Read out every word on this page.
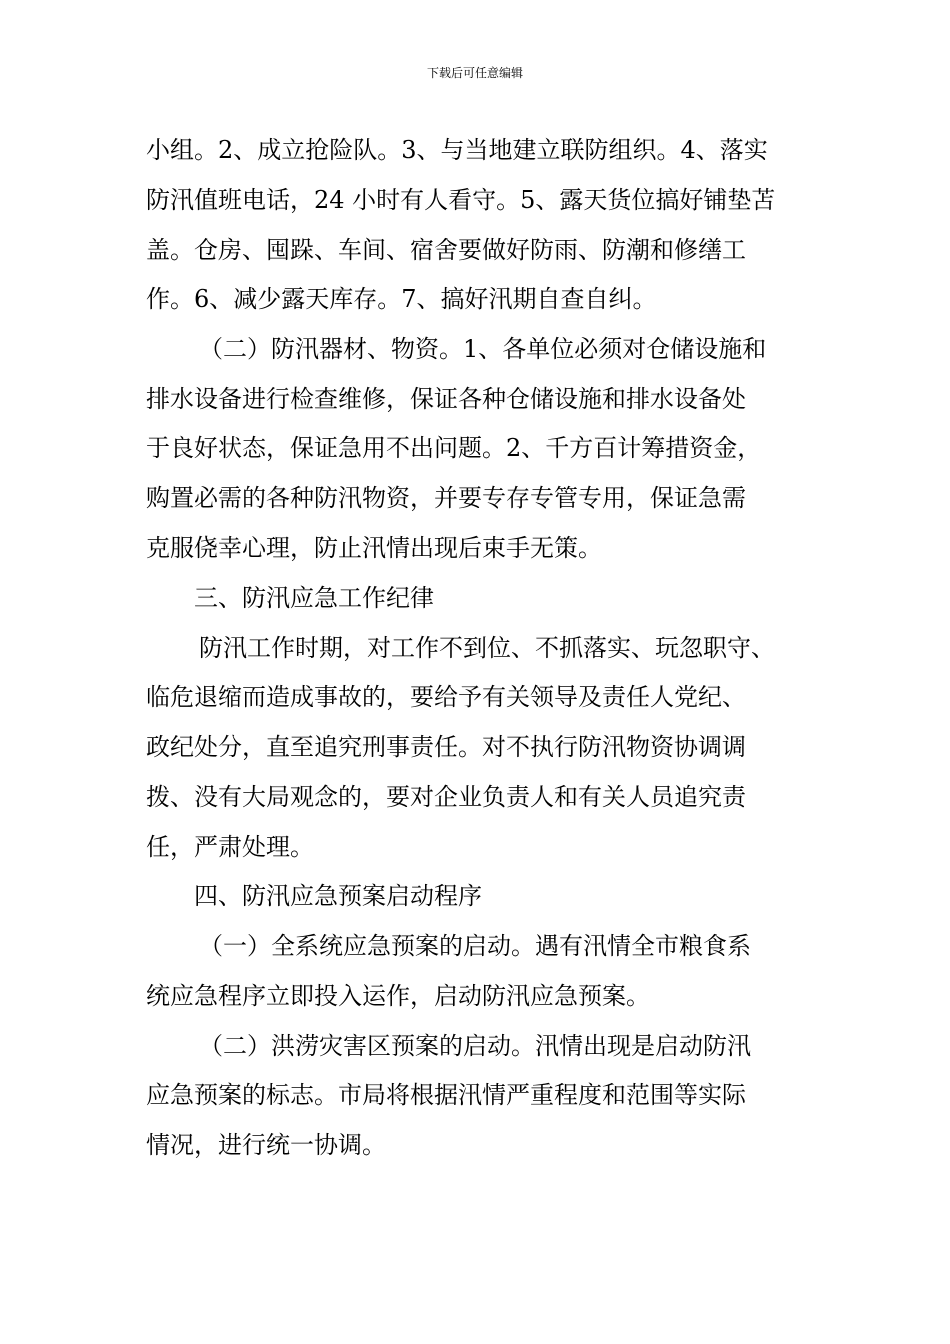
下载后可任意编辑
小组。2、成立抢险队。3、与当地建立联防组织。4、落实
防汛值班电话，24 小时有人看守。5、露天货位搞好铺垫苫
盖。仓房、囤跺、车间、宿舍要做好防雨、防潮和修缮工
作。6、减少露天库存。7、搞好汛期自查自纠。
（二）防汛器材、物资。1、各单位必须对仓储设施和
排水设备进行检查维修，保证各种仓储设施和排水设备处
于良好状态，保证急用不出问题。2、千方百计筹措资金，
购置必需的各种防汛物资，并要专存专管专用，保证急需
克服侥幸心理，防止汛情出现后束手无策。
三、防汛应急工作纪律
防汛工作时期，对工作不到位、不抓落实、玩忽职守、
临危退缩而造成事故的，要给予有关领导及责任人党纪、
政纪处分，直至追究刑事责任。对不执行防汛物资协调调
拨、没有大局观念的，要对企业负责人和有关人员追究责
任，严肃处理。
四、防汛应急预案启动程序
（一）全系统应急预案的启动。遇有汛情全市粮食系
统应急程序立即投入运作，启动防汛应急预案。
（二）洪涝灾害区预案的启动。汛情出现是启动防汛
应急预案的标志。市局将根据汛情严重程度和范围等实际
情况，进行统一协调。
